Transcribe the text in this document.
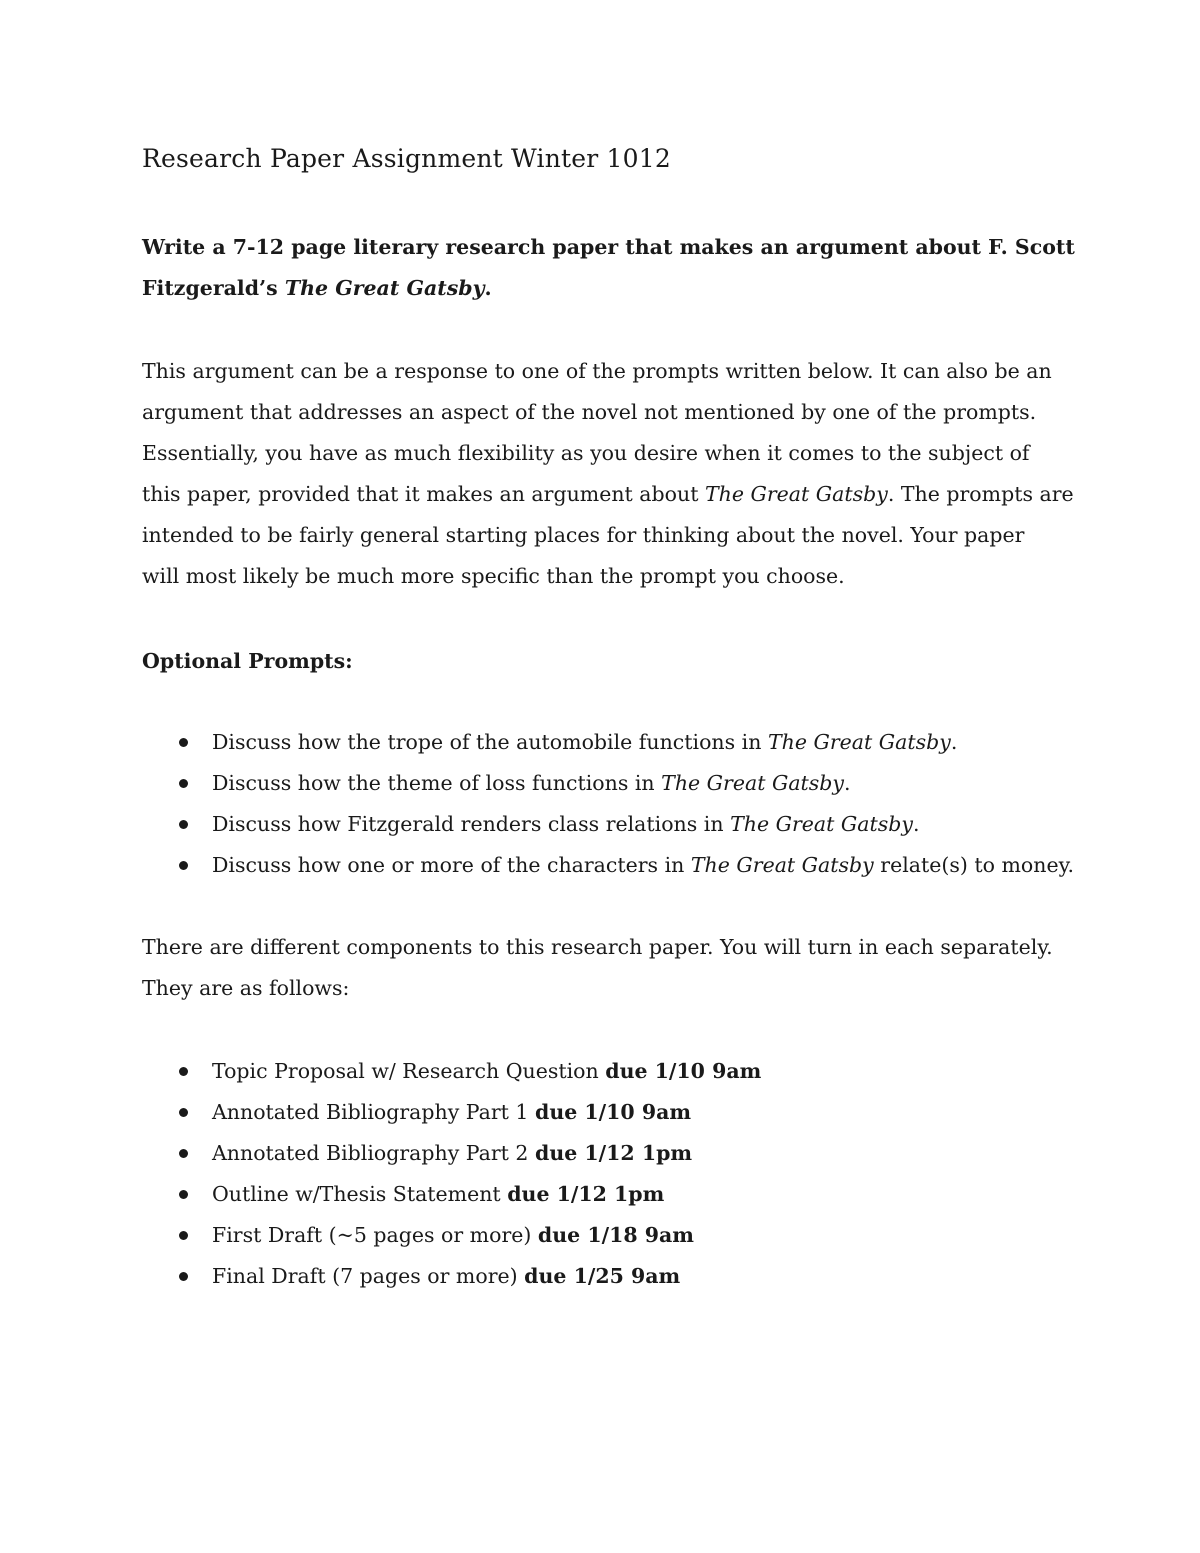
Research Paper Assignment Winter 1012

Write a 7-12 page literary research paper that makes an argument about F. Scott
Fitzgerald’s The Great Gatsby.

This argument can be a response to one of the prompts written below. It can also be an
argument that addresses an aspect of the novel not mentioned by one of the prompts.
Essentially, you have as much flexibility as you desire when it comes to the subject of
this paper, provided that it makes an argument about The Great Gatsby. The prompts are
intended to be fairly general starting places for thinking about the novel. Your paper
will most likely be much more specific than the prompt you choose.

Optional Prompts:

Discuss how the trope of the automobile functions in The Great Gatsby.
Discuss how the theme of loss functions in The Great Gatsby.
Discuss how Fitzgerald renders class relations in The Great Gatsby.
Discuss how one or more of the characters in The Great Gatsby relate(s) to money.

There are different components to this research paper. You will turn in each separately.
They are as follows:

Topic Proposal w/ Research Question due 1/10 9am
Annotated Bibliography Part 1 due 1/10 9am
Annotated Bibliography Part 2 due 1/12 1pm
Outline w/Thesis Statement due 1/12 1pm
First Draft (~5 pages or more) due 1/18 9am
Final Draft (7 pages or more) due 1/25 9am
